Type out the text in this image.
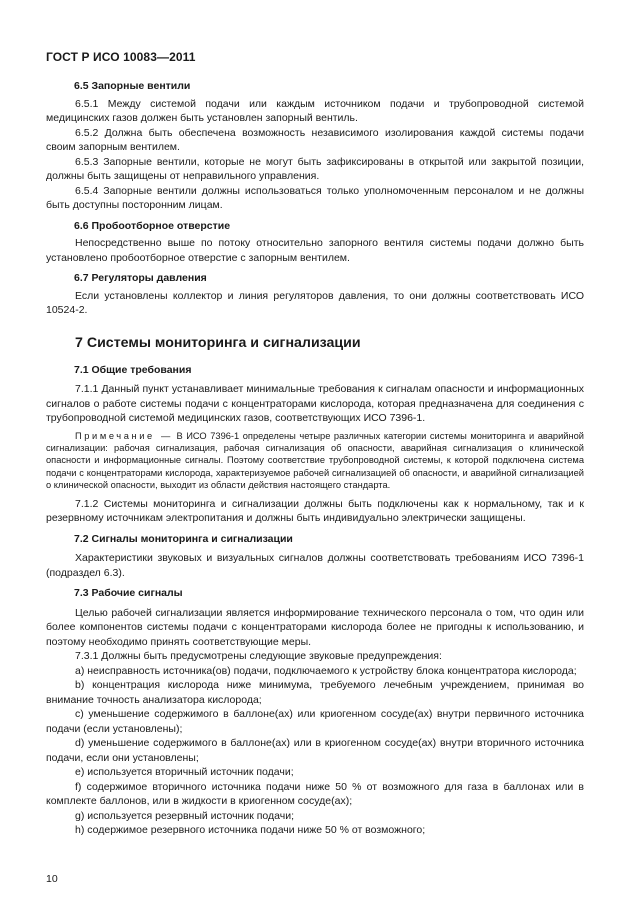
ГОСТ Р ИСО 10083—2011
6.5 Запорные вентили

6.5.1 Между системой подачи или каждым источником подачи и трубопроводной системой медицинских газов должен быть установлен запорный вентиль.

6.5.2 Должна быть обеспечена возможность независимого изолирования каждой системы подачи своим запорным вентилем.

6.5.3 Запорные вентили, которые не могут быть зафиксированы в открытой или закрытой позиции, должны быть защищены от неправильного управления.

6.5.4 Запорные вентили должны использоваться только уполномоченным персоналом и не должны быть доступны посторонним лицам.

6.6 Пробоотборное отверстие

Непосредственно выше по потоку относительно запорного вентиля системы подачи должно быть установлено пробоотборное отверстие с запорным вентилем.

6.7 Регуляторы давления

Если установлены коллектор и линия регуляторов давления, то они должны соответствовать ИСО 10524-2.

7 Системы мониторинга и сигнализации
7.1 Общие требования

7.1.1 Данный пункт устанавливает минимальные требования к сигналам опасности и информационных сигналов о работе системы подачи с концентраторами кислорода, которая предназначена для соединения с трубопроводной системой медицинских газов, соответствующих ИСО 7396-1.

Примечание — В ИСО 7396-1 определены четыре различных категории системы мониторинга и аварийной сигнализации: рабочая сигнализация, рабочая сигнализация об опасности, аварийная сигнализация о клинической опасности и информационные сигналы. Поэтому соответствие трубопроводной системы, к которой подключена система подачи с концентраторами кислорода, характеризуемое рабочей сигнализацией об опасности, и аварийной сигнализацией о клинической опасности, выходит из области действия настоящего стандарта.

7.1.2 Системы мониторинга и сигнализации должны быть подключены как к нормальному, так и к резервному источникам электропитания и должны быть индивидуально электрически защищены.

7.2 Сигналы мониторинга и сигнализации

Характеристики звуковых и визуальных сигналов должны соответствовать требованиям ИСО 7396-1 (подраздел 6.3).

7.3 Рабочие сигналы

Целью рабочей сигнализации является информирование технического персонала о том, что один или более компонентов системы подачи с концентраторами кислорода более не пригодны к использованию, и поэтому необходимо принять соответствующие меры.

7.3.1 Должны быть предусмотрены следующие звуковые предупреждения:

a) неисправность источника(ов) подачи, подключаемого к устройству блока концентратора кислорода;

b) концентрация кислорода ниже минимума, требуемого лечебным учреждением, принимая во внимание точность анализатора кислорода;

c) уменьшение содержимого в баллоне(ах) или криогенном сосуде(ах) внутри первичного источника подачи (если установлены);

d) уменьшение содержимого в баллоне(ах) или в криогенном сосуде(ах) внутри вторичного источника подачи, если они установлены;

e) используется вторичный источник подачи;

f) содержимое вторичного источника подачи ниже 50 % от возможного для газа в баллонах или в комплекте баллонов, или в жидкости в криогенном сосуде(ах);

g) используется резервный источник подачи;

h) содержимое резервного источника подачи ниже 50 % от возможного;

10
